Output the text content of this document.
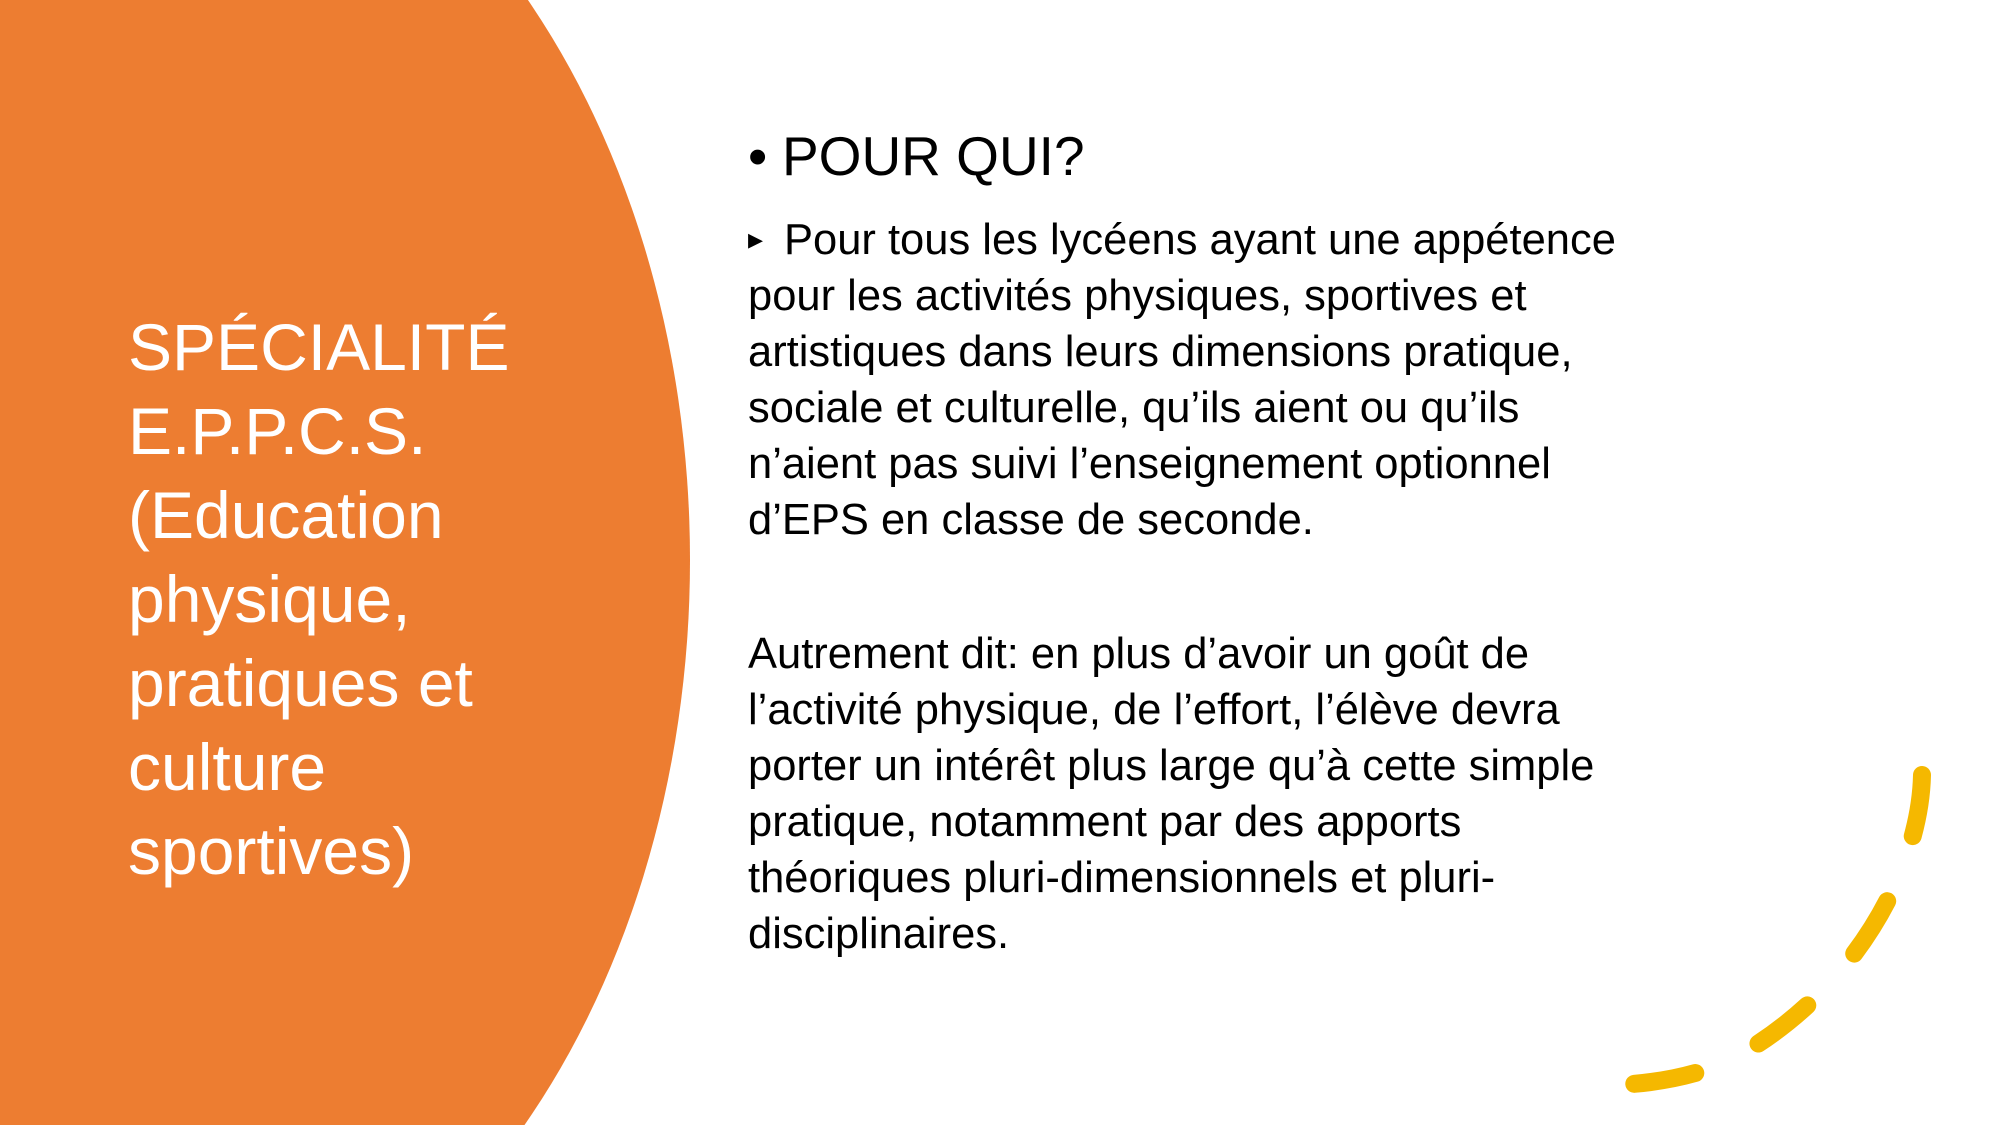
SPÉCIALITÉ
E.P.P.C.S.
(Education
physique,
pratiques et
culture
sportives)
• POUR QUI?
▸ Pour tous les lycéens ayant une appétence
pour les activités physiques, sportives et
artistiques dans leurs dimensions pratique,
sociale et culturelle, qu’ils aient ou qu’ils
n’aient pas suivi l’enseignement optionnel
d’EPS en classe de seconde.
Autrement dit: en plus d’avoir un goût de
l’activité physique, de l’effort, l’élève devra
porter un intérêt plus large qu’à cette simple
pratique, notamment par des apports
théoriques pluri-dimensionnels et pluri-
disciplinaires.
